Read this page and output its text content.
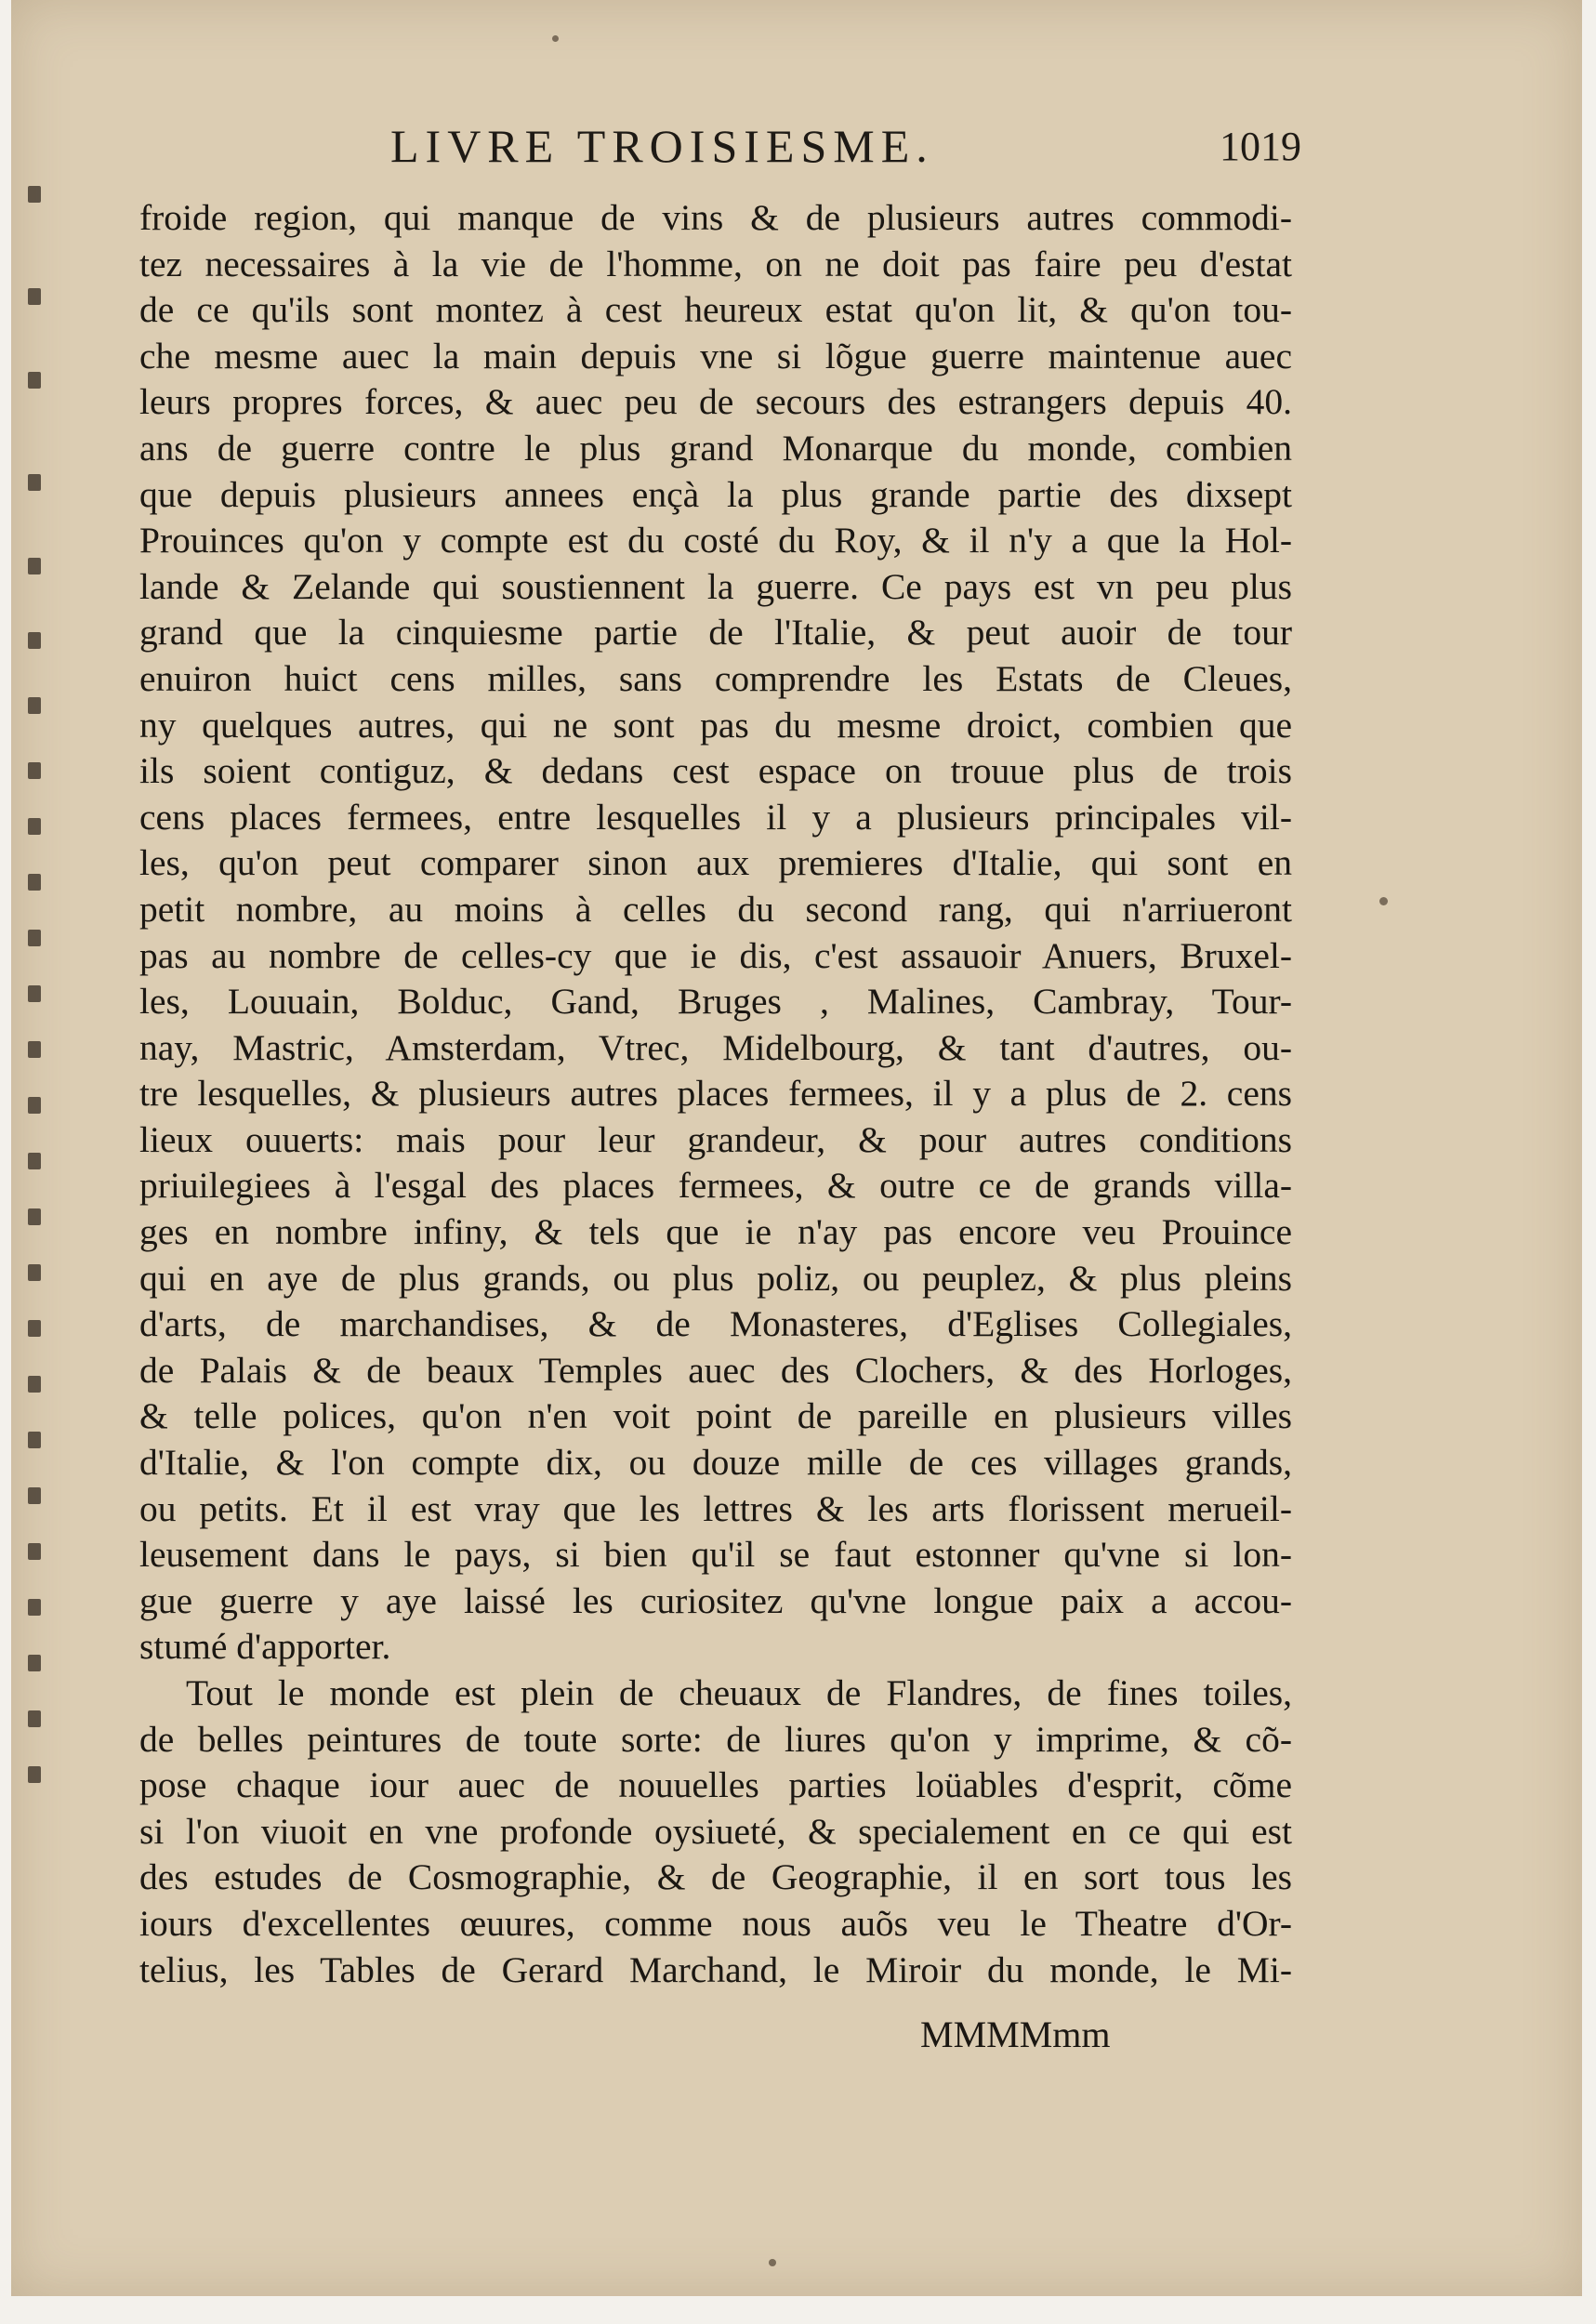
LIVRE TROISIESME.	1019
froide region, qui manque de vins & de plusieurs autres commodi-
tez necessaires à la vie de l'homme, on ne doit pas faire peu d'estat
de ce qu'ils sont montez à cest heureux estat qu'on lit, & qu'on tou-
che mesme auec la main depuis vne si lõgue guerre maintenue auec
leurs propres forces, & auec peu de secours des estrangers depuis 40.
ans de guerre contre le plus grand Monarque du monde, combien
que depuis plusieurs annees ençà la plus grande partie des dixsept
Prouinces qu'on y compte est du costé du Roy, & il n'y a que la Hol-
lande & Zelande qui soustiennent la guerre. Ce pays est vn peu plus
grand que la cinquiesme partie de l'Italie, & peut auoir de tour
enuiron huict cens milles, sans comprendre les Estats de Cleues,
ny quelques autres, qui ne sont pas du mesme droict, combien que
ils soient contiguz, & dedans cest espace on trouue plus de trois
cens places fermees, entre lesquelles il y a plusieurs principales vil-
les, qu'on peut comparer sinon aux premieres d'Italie, qui sont en
petit nombre, au moins à celles du second rang, qui n'arriueront
pas au nombre de celles-cy que ie dis, c'est assauoir Anuers, Bruxel-
les, Louuain, Bolduc, Gand, Bruges , Malines, Cambray, Tour-
nay, Mastric, Amsterdam, Vtrec, Midelbourg, & tant d'autres, ou-
tre lesquelles, & plusieurs autres places fermees, il y a plus de 2. cens
lieux ouuerts: mais pour leur grandeur, & pour autres conditions
priuilegiees à l'esgal des places fermees, & outre ce de grands villa-
ges en nombre infiny, & tels que ie n'ay pas encore veu Prouince
qui en aye de plus grands, ou plus poliz, ou peuplez, & plus pleins
d'arts, de marchandises, & de Monasteres, d'Eglises Collegiales,
de Palais & de beaux Temples auec des Clochers, & des Horloges,
& telle polices, qu'on n'en voit point de pareille en plusieurs villes
d'Italie, & l'on compte dix, ou douze mille de ces villages grands,
ou petits. Et il est vray que les lettres & les arts florissent merueil-
leusement dans le pays, si bien qu'il se faut estonner qu'vne si lon-
gue guerre y aye laissé les curiositez qu'vne longue paix a accou-
stumé d'apporter.
Tout le monde est plein de cheuaux de Flandres, de fines toiles,
de belles peintures de toute sorte: de liures qu'on y imprime, & cõ-
pose chaque iour auec de nouuelles parties loüables d'esprit, cõme
si l'on viuoit en vne profonde oysiueté, & specialement en ce qui est
des estudes de Cosmographie, & de Geographie, il en sort tous les
iours d'excellentes œuures, comme nous auõs veu le Theatre d'Or-
telius, les Tables de Gerard Marchand, le Miroir du monde, le Mi-
MMMMmm
